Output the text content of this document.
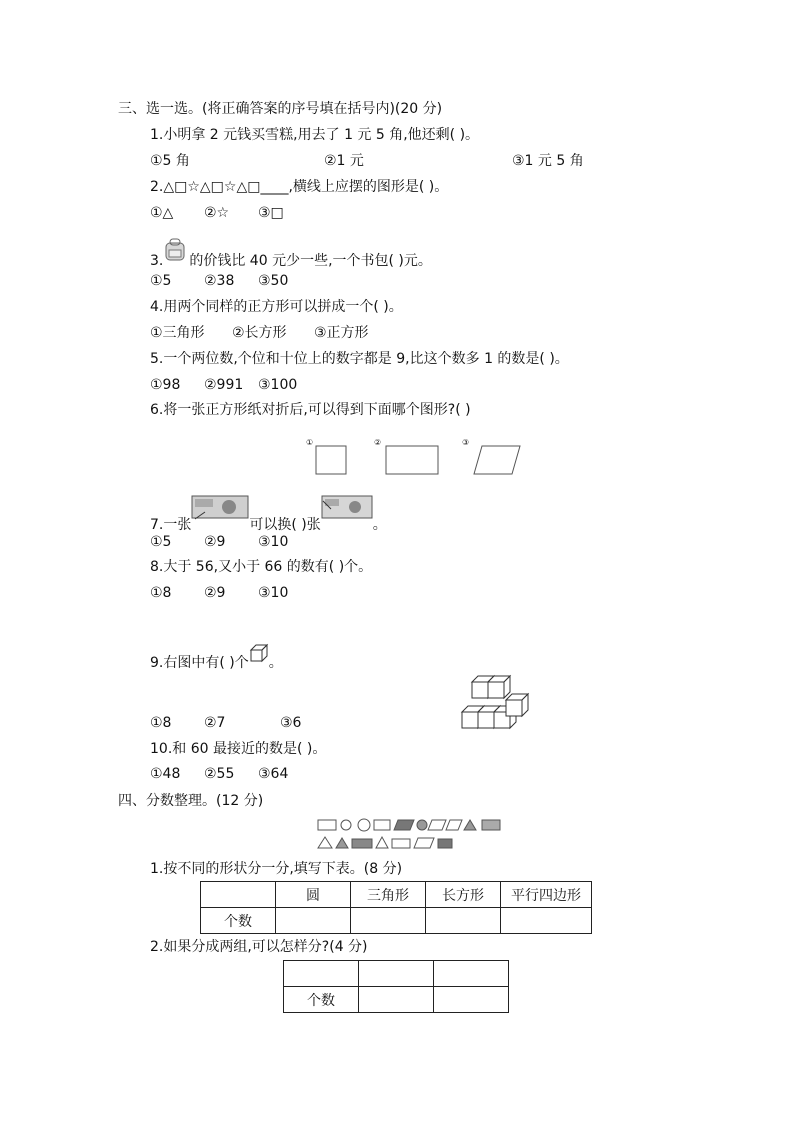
三、选一选。(将正确答案的序号填在括号内)(20 分)
1.小明拿 2 元钱买雪糕,用去了 1 元 5 角,他还剩( )。
①5 角	②1 元	③1 元 5 角
2.△□☆△□☆△□____,横线上应摆的图形是( )。
①△ ②☆ ③□
3. 的价钱比 40 元少一些,一个书包( )元。
①5 ②38 ③50
4.用两个同样的正方形可以拼成一个( )。
①三角形 ②长方形 ③正方形
5.一个两位数,个位和十位上的数字都是 9,比这个数多 1 的数是( )。
①98 ②991 ③100
6.将一张正方形纸对折后,可以得到下面哪个图形?( )
①	②	③
7.一张	可以换( )张	。
①5 ②9 ③10
8.大于 56,又小于 66 的数有( )个。
①8 ②9 ③10
9.右图中有( )个 。
①8 ②7	③6
10.和 60 最接近的数是( )。
①48 ②55 ③64
四、分数整理。(12 分)
1.按不同的形状分一分,填写下表。(8 分)
	圆	三角形	长方形	平行四边形
个数				
2.如果分成两组,可以怎样分?(4 分)

个数		
